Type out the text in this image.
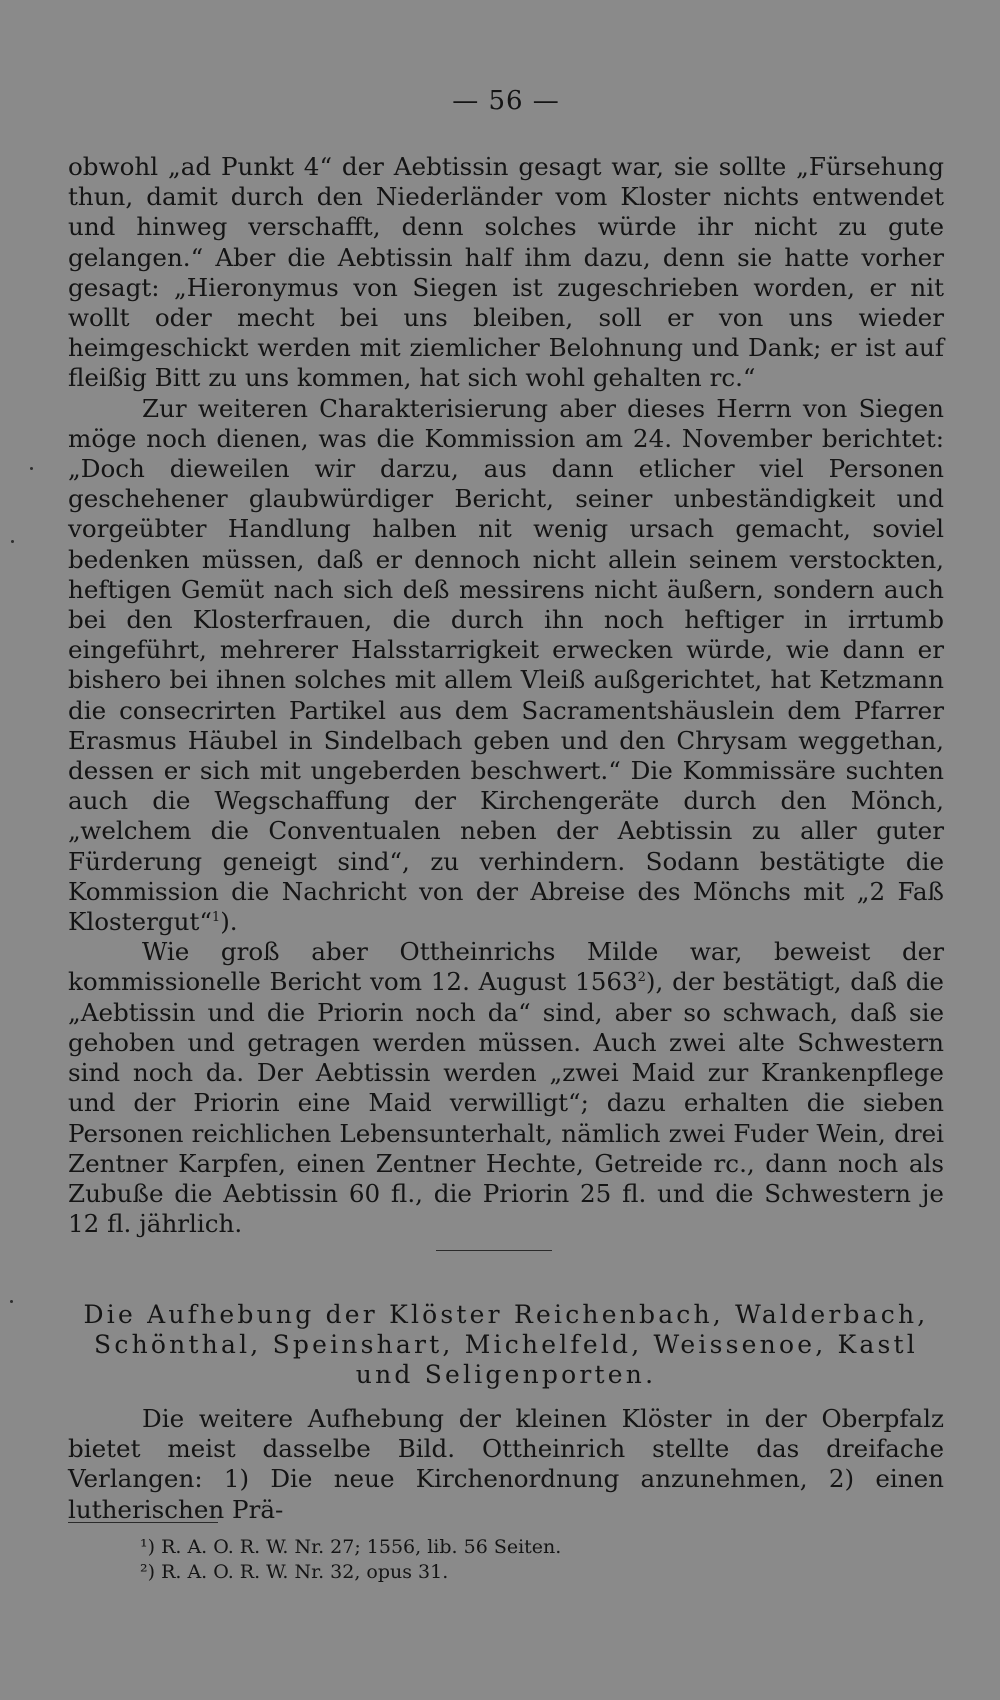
— 56 —

obwohl „ad Punkt 4“ der Aebtissin gesagt war, sie sollte „Fürsehung thun, damit durch den Niederländer vom Kloster nichts entwendet und hinweg verschafft, denn solches würde ihr nicht zu gute gelangen.“ Aber die Aebtissin half ihm dazu, denn sie hatte vorher gesagt: „Hieronymus von Siegen ist zugeschrieben worden, er nit wollt oder mecht bei uns bleiben, soll er von uns wieder heimgeschickt werden mit ziemlicher Belohnung und Dank; er ist auf fleißig Bitt zu uns kommen, hat sich wohl gehalten rc.“

Zur weiteren Charakterisierung aber dieses Herrn von Siegen möge noch dienen, was die Kommission am 24. November berichtet: „Doch dieweilen wir darzu, aus dann etlicher viel Personen geschehener glaubwürdiger Bericht, seiner unbeständigkeit und vorgeübter Handlung halben nit wenig ursach gemacht, soviel bedenken müssen, daß er dennoch nicht allein seinem verstockten, heftigen Gemüt nach sich deß messirens nicht äußern, sondern auch bei den Klosterfrauen, die durch ihn noch heftiger in irrtumb eingeführt, mehrerer Halsstarrigkeit erwecken würde, wie dann er bishero bei ihnen solches mit allem Vleiß außgerichtet, hat Ketzmann die consecrirten Partikel aus dem Sacramentshäuslein dem Pfarrer Erasmus Häubel in Sindelbach geben und den Chrysam weggethan, dessen er sich mit ungeberden beschwert.“ Die Kommissäre suchten auch die Wegschaffung der Kirchengeräte durch den Mönch, „welchem die Conventualen neben der Aebtissin zu aller guter Fürderung geneigt sind“, zu verhindern. Sodann bestätigte die Kommission die Nachricht von der Abreise des Mönchs mit „2 Faß Klostergut“$^1$).

Wie groß aber Ottheinrichs Milde war, beweist der kommissionelle Bericht vom 12. August 1563$^2$), der bestätigt, daß die „Aebtissin und die Priorin noch da“ sind, aber so schwach, daß sie gehoben und getragen werden müssen. Auch zwei alte Schwestern sind noch da. Der Aebtissin werden „zwei Maid zur Krankenpflege und der Priorin eine Maid verwilligt“; dazu erhalten die sieben Personen reichlichen Lebensunterhalt, nämlich zwei Fuder Wein, drei Zentner Karpfen, einen Zentner Hechte, Getreide rc., dann noch als Zubuße die Aebtissin 60 fl., die Priorin 25 fl. und die Schwestern je 12 fl. jährlich.

Die Aufhebung der Klöster Reichenbach, Walderbach,
Schönthal, Speinshart, Michelfeld, Weissenoe, Kastl
und Seligenporten.

Die weitere Aufhebung der kleinen Klöster in der Oberpfalz bietet meist dasselbe Bild. Ottheinrich stellte das dreifache Verlangen: 1) Die neue Kirchenordnung anzunehmen, 2) einen lutherischen Prä-

¹) R. A. O. R. W. Nr. 27; 1556, lib. 56 Seiten.
²) R. A. O. R. W. Nr. 32, opus 31.
